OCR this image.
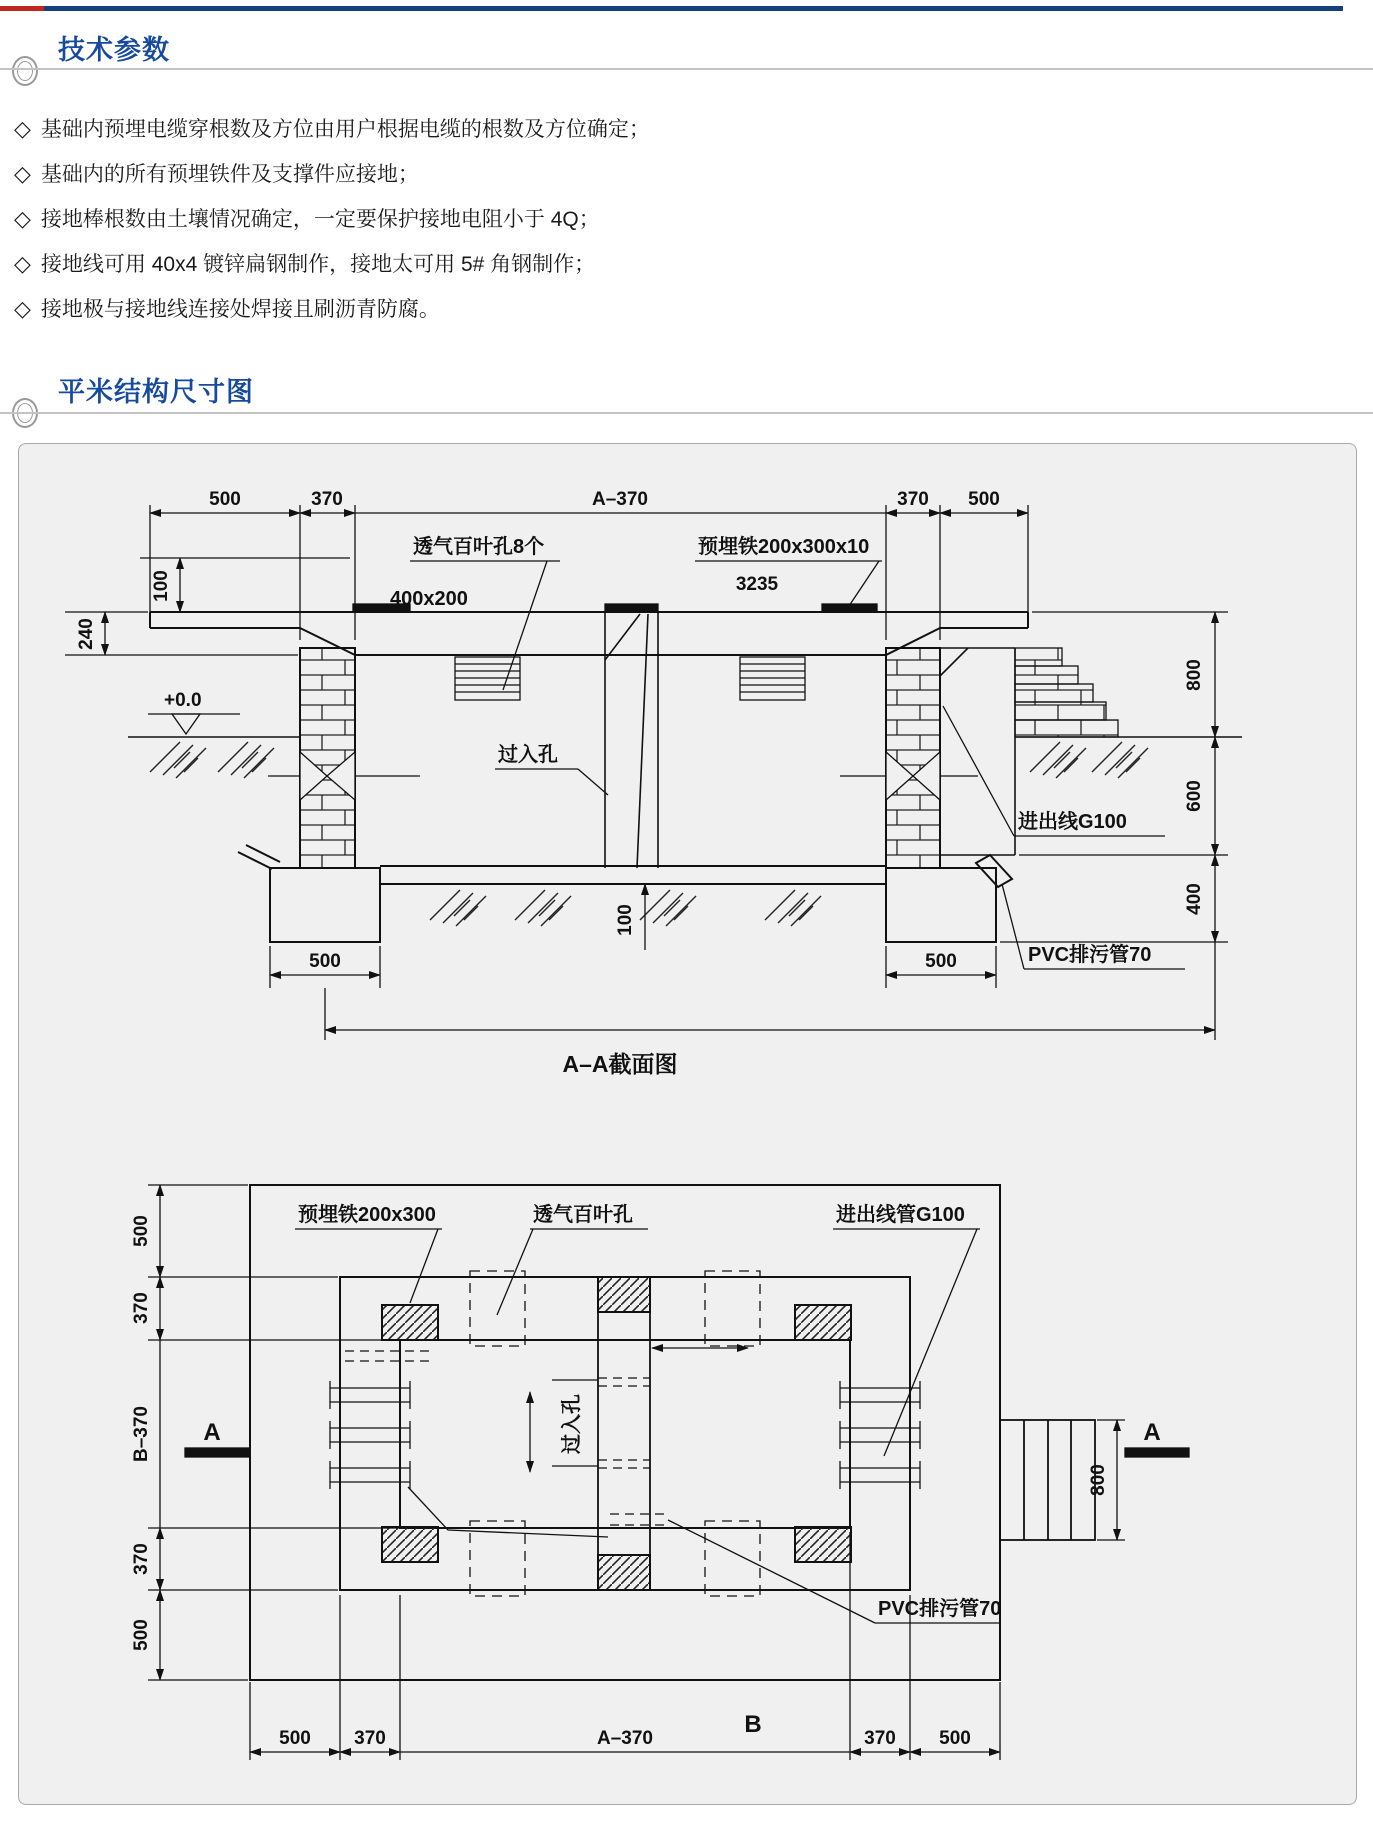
技术参数
◇ 基础内预埋电缆穿根数及方位由用户根据电缆的根数及方位确定；
◇ 基础内的所有预埋铁件及支撑件应接地；
◇ 接地棒根数由土壤情况确定，一定要保护接地电阻小于 4Q；
◇ 接地线可用 40x4 镀锌扁钢制作，接地太可用 5# 角钢制作；
◇ 接地极与接地线连接处焊接且刷沥青防腐。
平米结构尺寸图
500	370	A–370	370 500
+0.0
100
240
800
600
400
500	500
100
透气百叶孔8个	预埋铁200x300x10
3235
400x200
过入孔
进出线G100
PVC排污管70
A–A截面图
过入孔
预埋铁200x300	透气百叶孔	进出线管G100
500
370
B–370
370
500
A	A
800
PVC排污管70
500 370	A–370	370 500
B
